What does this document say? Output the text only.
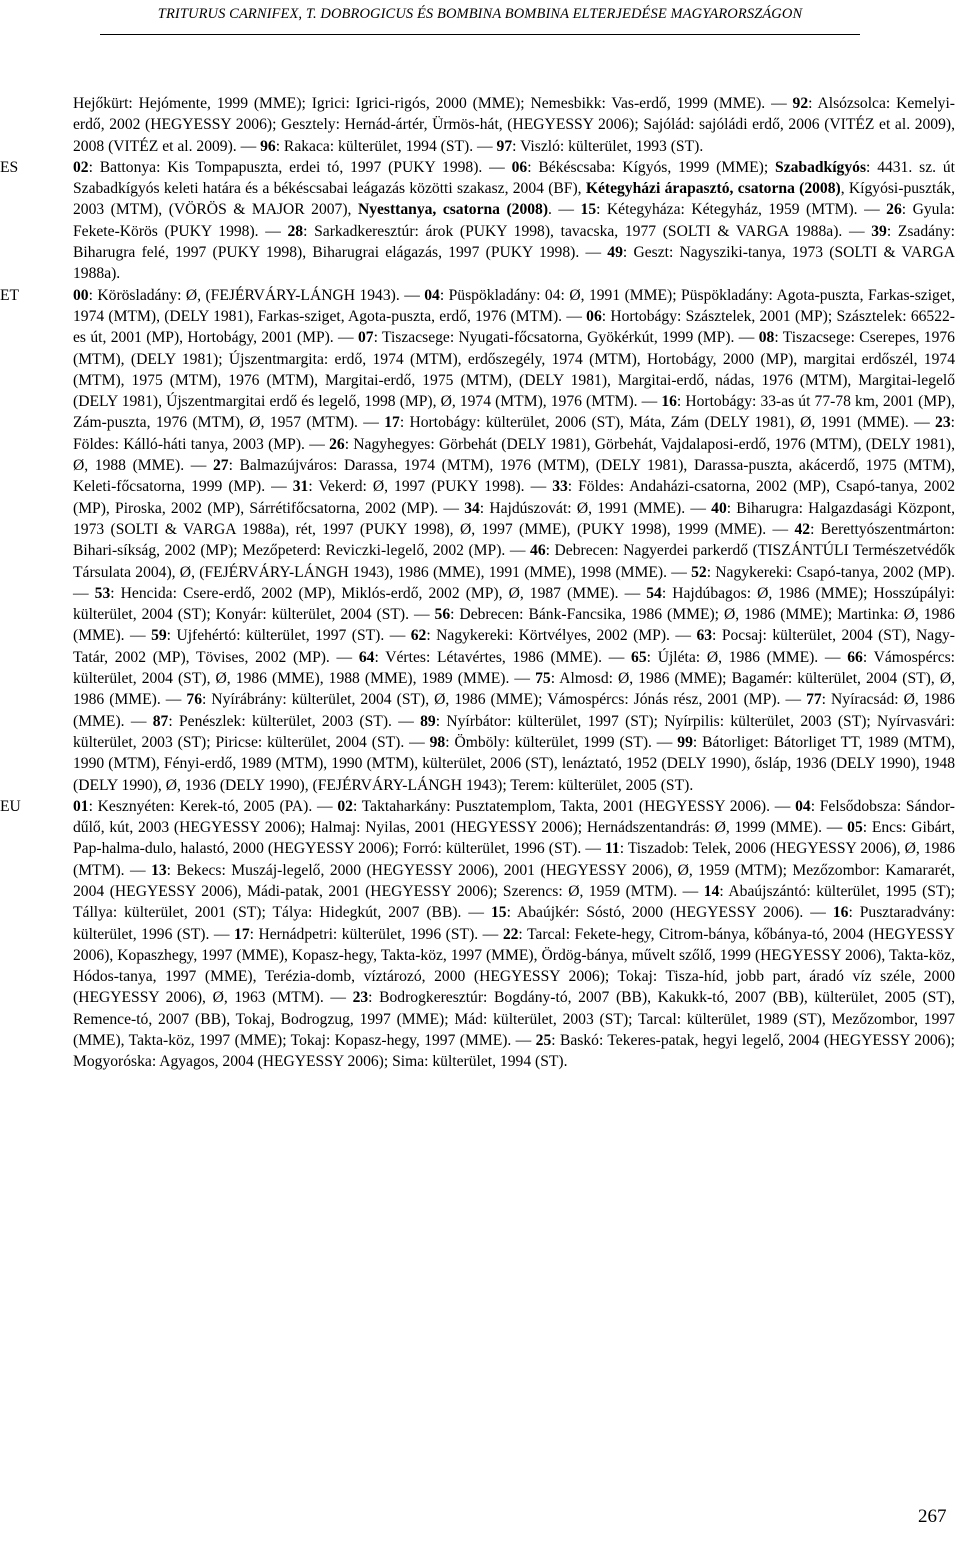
TRITURUS CARNIFEX, T. DOBROGICUS ÉS BOMBINA BOMBINA ELTERJEDÉSE MAGYARORSZÁGON
Hejőkürt: Hejómente, 1999 (MME); Igrici: Igrici-rigós, 2000 (MME); Nemesbikk: Vas-erdő, 1999 (MME). — 92: Alsózsolca: Kemelyi-erdő, 2002 (HEGYESSY 2006); Gesztely: Hernád-ártér, Ürmös-hát, (HEGYESSY 2006); Sajólád: sajóládi erdő, 2006 (VITÉZ et al. 2009), 2008 (VITÉZ et al. 2009). — 96: Rakaca: külterület, 1994 (ST). — 97: Viszló: külterület, 1993 (ST).
ES	02: Battonya: Kis Tompapuszta, erdei tó, 1997 (PUKY 1998). — 06: Békéscsaba: Kígyós, 1999 (MME); Szabadkígyós: 4431. sz. út Szabadkígyós keleti határa és a békéscsabai leágazás közötti szakasz, 2004 (BF), Kétegyházi árapasztó, csatorna (2008), Kígyósi-puszták, 2003 (MTM), (VÖRÖS & MAJOR 2007), Nyesttanya, csatorna (2008). — 15: Kétegyháza: Kétegyház, 1959 (MTM). — 26: Gyula: Fekete-Körös (PUKY 1998). — 28: Sarkadkeresztúr: árok (PUKY 1998), tavacska, 1977 (SOLTI & VARGA 1988a). — 39: Zsadány: Biharugra felé, 1997 (PUKY 1998), Biharugrai elágazás, 1997 (PUKY 1998). — 49: Geszt: Nagysziki-tanya, 1973 (SOLTI & VARGA 1988a).
ET	00: Körösladány: Ø, (FEJÉRVÁRY-LÁNGH 1943). — 04: Püspökladány: 04: Ø, 1991 (MME); Püspökladány: Agota-puszta, Farkas-sziget, 1974 (MTM), (DELY 1981), Farkas-sziget, Agota-puszta, erdő, 1976 (MTM). — 06: Hortobágy: Szásztelek, 2001 (MP); Szásztelek: 66522-es út, 2001 (MP), Hortobágy, 2001 (MP). — 07: Tiszacsege: Nyugati-főcsatorna, Gyökérkút, 1999 (MP). — 08: Tiszacsege: Cserepes, 1976 (MTM), (DELY 1981); Újszentmargita: erdő, 1974 (MTM), erdőszegély, 1974 (MTM), Hortobágy, 2000 (MP), margitai erdőszél, 1974 (MTM), 1975 (MTM), 1976 (MTM), Margitai-erdő, 1975 (MTM), (DELY 1981), Margitai-erdő, nádas, 1976 (MTM), Margitai-legelő (DELY 1981), Újszentmargitai erdő és legelő, 1998 (MP), Ø, 1974 (MTM), 1976 (MTM). — 16: Hortobágy: 33-as út 77-78 km, 2001 (MP), Zám-puszta, 1976 (MTM), Ø, 1957 (MTM). — 17: Hortobágy: külterület, 2006 (ST), Máta, Zám (DELY 1981), Ø, 1991 (MME). — 23: Földes: Kálló-háti tanya, 2003 (MP). — 26: Nagyhegyes: Görbehát (DELY 1981), Görbehát, Vajdalaposi-erdő, 1976 (MTM), (DELY 1981), Ø, 1988 (MME). — 27: Balmazújváros: Darassa, 1974 (MTM), 1976 (MTM), (DELY 1981), Darassa-puszta, akácerdő, 1975 (MTM), Keleti-főcsatorna, 1999 (MP). — 31: Vekerd: Ø, 1997 (PUKY 1998). — 33: Földes: Andaházi-csatorna, 2002 (MP), Csapó-tanya, 2002 (MP), Piroska, 2002 (MP), Sárrétifőcsatorna, 2002 (MP). — 34: Hajdúszovát: Ø, 1991 (MME). — 40: Biharugra: Halgazdasági Központ, 1973 (SOLTI & VARGA 1988a), rét, 1997 (PUKY 1998), Ø, 1997 (MME), (PUKY 1998), 1999 (MME). — 42: Berettyószentmárton: Bihari-síkság, 2002 (MP); Mezőpeterd: Reviczki-legelő, 2002 (MP). — 46: Debrecen: Nagyerdei parkerdő (TISZÁNTÚLI Természetvédők Társulata 2004), Ø, (FEJÉRVÁRY-LÁNGH 1943), 1986 (MME), 1991 (MME), 1998 (MME). — 52: Nagykereki: Csapó-tanya, 2002 (MP). — 53: Hencida: Csere-erdő, 2002 (MP), Miklós-erdő, 2002 (MP), Ø, 1987 (MME). — 54: Hajdúbagos: Ø, 1986 (MME); Hosszúpályi: külterület, 2004 (ST); Konyár: külterület, 2004 (ST). — 56: Debrecen: Bánk-Fancsika, 1986 (MME); Ø, 1986 (MME); Martinka: Ø, 1986 (MME). — 59: Ujfehértó: külterület, 1997 (ST). — 62: Nagykereki: Körtvélyes, 2002 (MP). — 63: Pocsaj: külterület, 2004 (ST), Nagy-Tatár, 2002 (MP), Tövises, 2002 (MP). — 64: Vértes: Létavértes, 1986 (MME). — 65: Újléta: Ø, 1986 (MME). — 66: Vámospércs: külterület, 2004 (ST), Ø, 1986 (MME), 1988 (MME), 1989 (MME). — 75: Almosd: Ø, 1986 (MME); Bagamér: külterület, 2004 (ST), Ø, 1986 (MME). — 76: Nyírábrány: külterület, 2004 (ST), Ø, 1986 (MME); Vámospércs: Jónás rész, 2001 (MP). — 77: Nyíracsád: Ø, 1986 (MME). — 87: Penészlek: külterület, 2003 (ST). — 89: Nyírbátor: külterület, 1997 (ST); Nyírpilis: külterület, 2003 (ST); Nyírvasvári: külterület, 2003 (ST); Piricse: külterület, 2004 (ST). — 98: Ömböly: külterület, 1999 (ST). — 99: Bátorliget: Bátorliget TT, 1989 (MTM), 1990 (MTM), Fényi-erdő, 1989 (MTM), 1990 (MTM), külterület, 2006 (ST), lenáztató, 1952 (DELY 1990), ősláp, 1936 (DELY 1990), 1948 (DELY 1990), Ø, 1936 (DELY 1990), (FEJÉRVÁRY-LÁNGH 1943); Terem: külterület, 2005 (ST).
EU	01: Kesznyéten: Kerek-tó, 2005 (PA). — 02: Taktaharkány: Pusztatemplom, Takta, 2001 (HEGYESSY 2006). — 04: Felsődobsza: Sándor-dűlő, kút, 2003 (HEGYESSY 2006); Halmaj: Nyilas, 2001 (HEGYESSY 2006); Hernádszentandrás: Ø, 1999 (MME). — 05: Encs: Gibárt, Pap-halma-dulo, halastó, 2000 (HEGYESSY 2006); Forró: külterület, 1996 (ST). — 11: Tiszadob: Telek, 2006 (HEGYESSY 2006), Ø, 1986 (MTM). — 13: Bekecs: Muszáj-legelő, 2000 (HEGYESSY 2006), 2001 (HEGYESSY 2006), Ø, 1959 (MTM); Mezőzombor: Kamararét, 2004 (HEGYESSY 2006), Mádi-patak, 2001 (HEGYESSY 2006); Szerencs: Ø, 1959 (MTM). — 14: Abaújszántó: külterület, 1995 (ST); Tállya: külterület, 2001 (ST); Tálya: Hidegkút, 2007 (BB). — 15: Abaújkér: Sóstó, 2000 (HEGYESSY 2006). — 16: Pusztaradvány: külterület, 1996 (ST). — 17: Hernádpetri: külterület, 1996 (ST). — 22: Tarcal: Fekete-hegy, Citrom-bánya, kőbánya-tó, 2004 (HEGYESSY 2006), Kopaszhegy, 1997 (MME), Kopasz-hegy, Takta-köz, 1997 (MME), Ördög-bánya, művelt szőlő, 1999 (HEGYESSY 2006), Takta-köz, Hódos-tanya, 1997 (MME), Terézia-domb, víztározó, 2000 (HEGYESSY 2006); Tokaj: Tisza-híd, jobb part, áradó víz széle, 2000 (HEGYESSY 2006), Ø, 1963 (MTM). — 23: Bodrogkeresztúr: Bogdány-tó, 2007 (BB), Kakukk-tó, 2007 (BB), külterület, 2005 (ST), Remence-tó, 2007 (BB), Tokaj, Bodrogzug, 1997 (MME); Mád: külterület, 2003 (ST); Tarcal: külterület, 1989 (ST), Mezőzombor, 1997 (MME), Takta-köz, 1997 (MME); Tokaj: Kopasz-hegy, 1997 (MME). — 25: Baskó: Tekeres-patak, hegyi legelő, 2004 (HEGYESSY 2006); Mogyoróska: Agyagos, 2004 (HEGYESSY 2006); Sima: külterület, 1994 (ST).
267
